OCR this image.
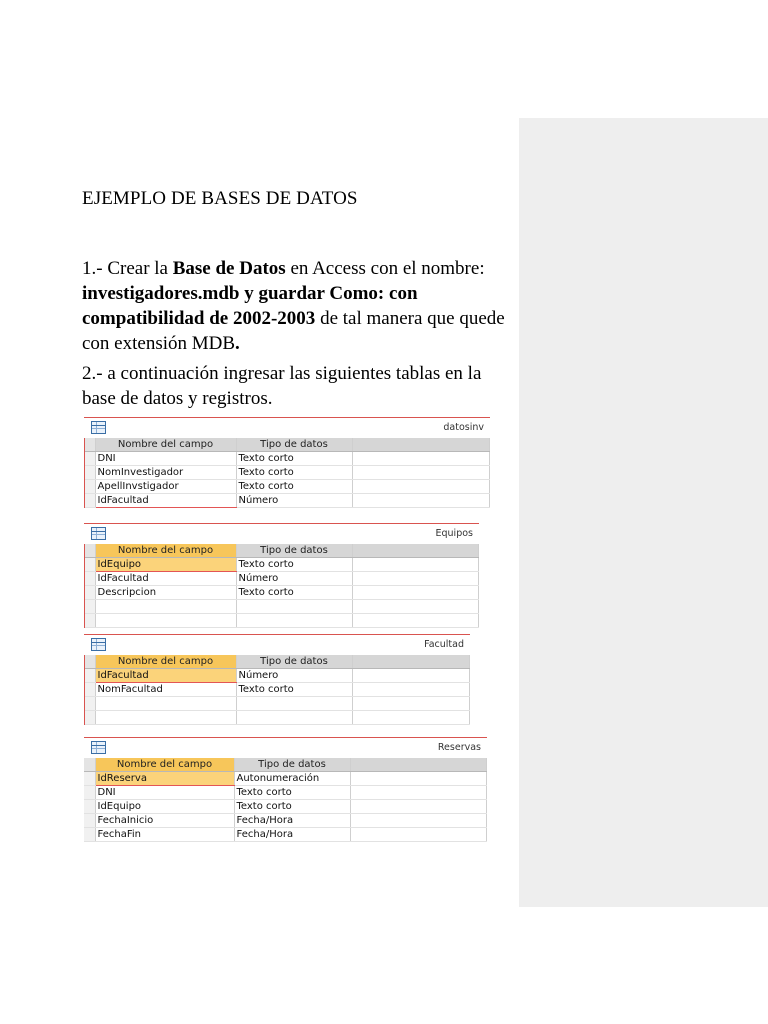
EJEMPLO DE BASES DE DATOS
1.- Crear la Base de Datos en Access con el nombre: investigadores.mdb y guardar Como: con compatibilidad de 2002-2003 de tal manera que quede con extensión MDB.
2.- a continuación ingresar las siguientes tablas en la base de datos y registros.
datosinv
	Nombre del campo	Tipo de datos	
	DNI	Texto corto	
	NomInvestigador	Texto corto	
	ApellInvstigador	Texto corto	
	IdFacultad	Número	
Equipos
	Nombre del campo	Tipo de datos	
	IdEquipo	Texto corto	
	IdFacultad	Número	
	Descripcion	Texto corto	

Facultad
	Nombre del campo	Tipo de datos	
	IdFacultad	Número	
	NomFacultad	Texto corto	

Reservas
	Nombre del campo	Tipo de datos	
	IdReserva	Autonumeración	
	DNI	Texto corto	
	IdEquipo	Texto corto	
	FechaInicio	Fecha/Hora	
	FechaFin	Fecha/Hora	
